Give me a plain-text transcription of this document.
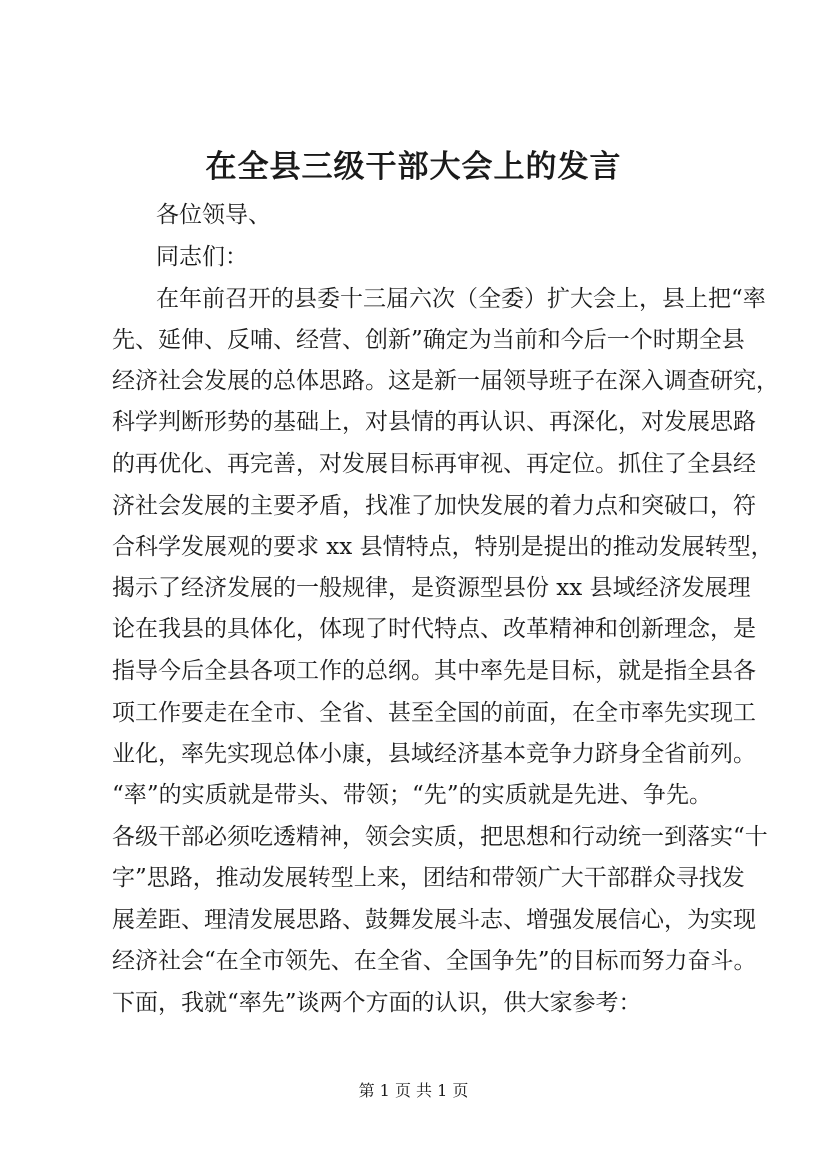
在全县三级干部大会上的发言
各位领导、
同志们：
在年前召开的县委十三届六次（全委）扩大会上，县上把“率
先、延伸、反哺、经营、创新”确定为当前和今后一个时期全县
经济社会发展的总体思路。这是新一届领导班子在深入调查研究，
科学判断形势的基础上，对县情的再认识、再深化，对发展思路
的再优化、再完善，对发展目标再审视、再定位。抓住了全县经
济社会发展的主要矛盾，找准了加快发展的着力点和突破口，符
合科学发展观的要求 xx 县情特点，特别是提出的推动发展转型，
揭示了经济发展的一般规律，是资源型县份 xx 县域经济发展理
论在我县的具体化，体现了时代特点、改革精神和创新理念，是
指导今后全县各项工作的总纲。其中率先是目标，就是指全县各
项工作要走在全市、全省、甚至全国的前面，在全市率先实现工
业化，率先实现总体小康，县域经济基本竞争力跻身全省前列。
“率”的实质就是带头、带领；“先”的实质就是先进、争先。
各级干部必须吃透精神，领会实质，把思想和行动统一到落实“十
字”思路，推动发展转型上来，团结和带领广大干部群众寻找发
展差距、理清发展思路、鼓舞发展斗志、增强发展信心，为实现
经济社会“在全市领先、在全省、全国争先”的目标而努力奋斗。
下面，我就“率先”谈两个方面的认识，供大家参考：
第 1 页 共 1 页
